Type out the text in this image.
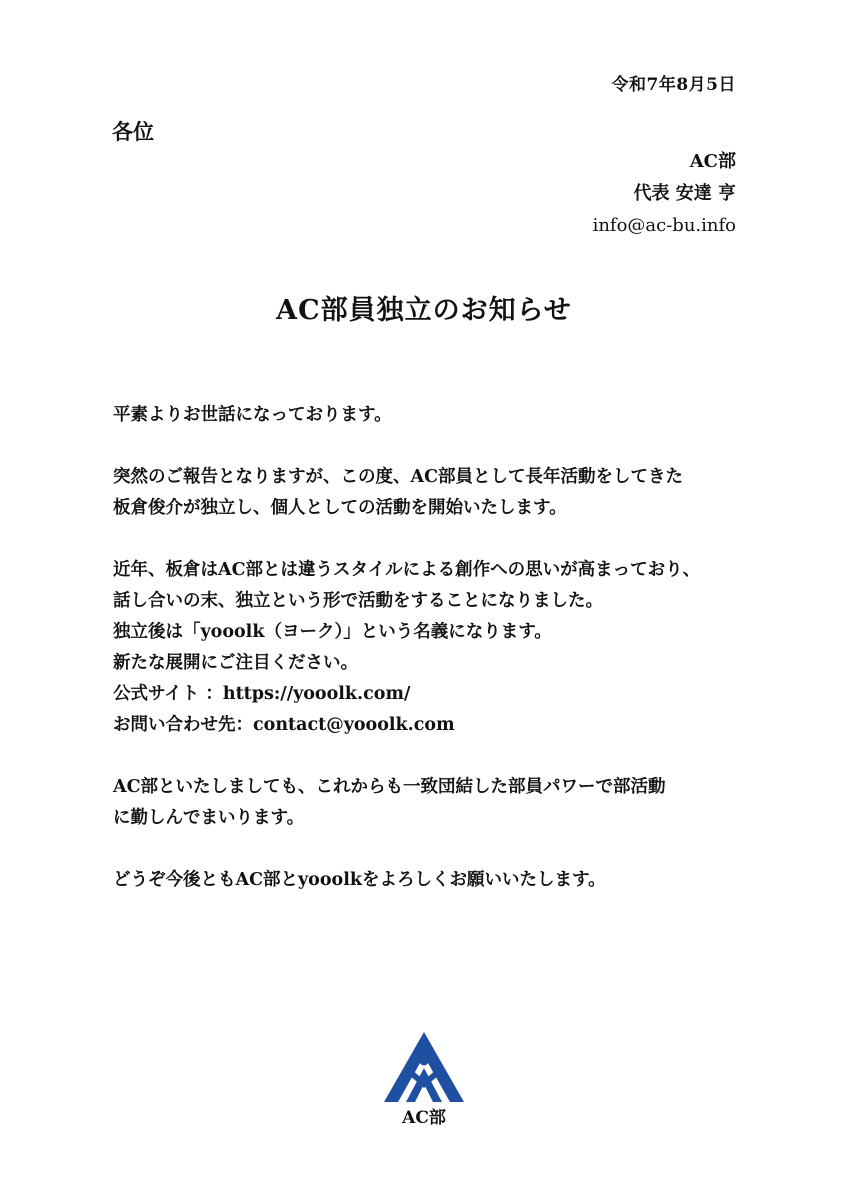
令和7年8月5日
各位
AC部
代表 安達 亨
info@ac-bu.info
AC部員独立のお知らせ
平素よりお世話になっております。
突然のご報告となりますが、この度、AC部員として長年活動をしてきた
板倉俊介が独立し、個人としての活動を開始いたします。
近年、板倉はAC部とは違うスタイルによる創作への思いが高まっており、
話し合いの末、独立という形で活動をすることになりました。
独立後は「yooolk（ヨーク）」という名義になります。
新たな展開にご注目ください。
公式サイト ：https://yooolk.com/
お問い合わせ先：contact@yooolk.com
AC部といたしましても、これからも一致団結した部員パワーで部活動
に勤しんでまいります。
どうぞ今後ともAC部とyooolkをよろしくお願いいたします。
AC部
